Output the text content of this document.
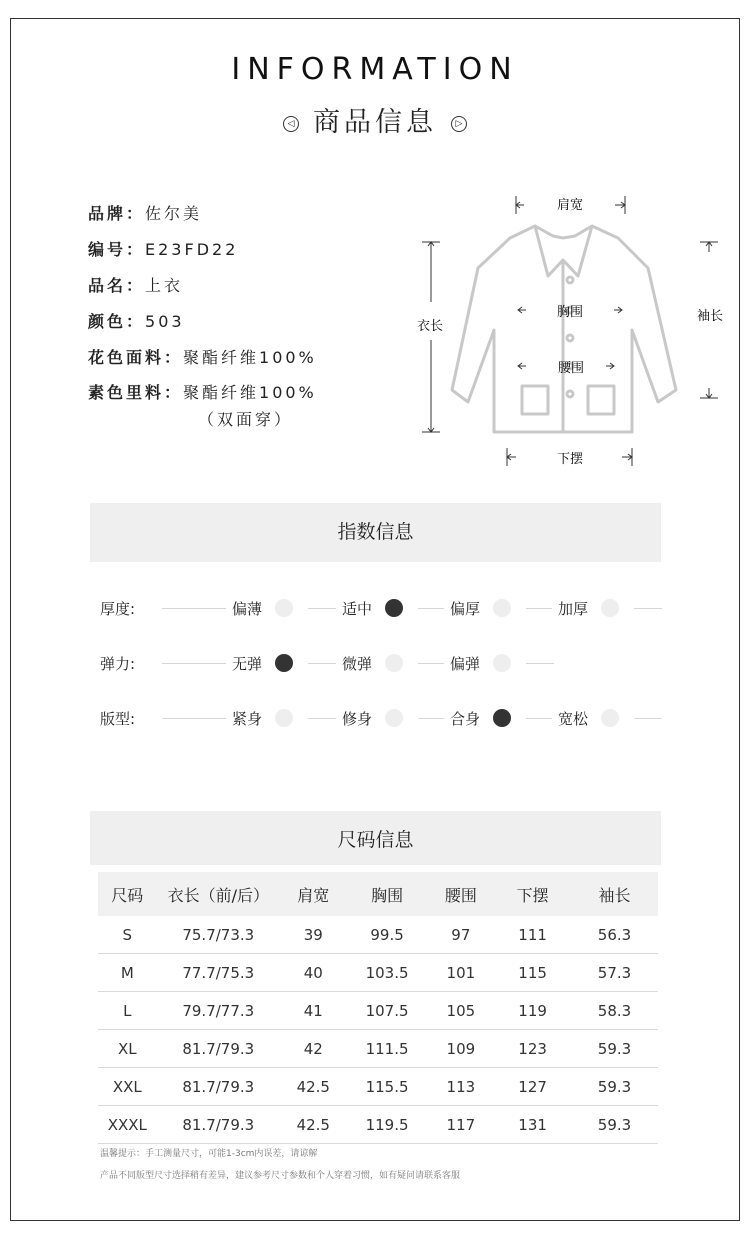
INFORMATION
◁ 商品信息 ▷
品牌：佐尔美
编号：E23FD22
品名：上衣
颜色：503
花色面料：聚酯纤维100%
素色里料：聚酯纤维100%
（双面穿）
肩宽
衣长
胸围
腰围
袖长
下摆
指数信息
厚度:	偏薄	适中	偏厚	加厚
弹力:	无弹	微弹	偏弹
版型:	紧身	修身	合身	宽松
尺码信息
尺码	衣长（前/后）	肩宽	胸围	腰围	下摆	袖长
S	75.7/73.3	39	99.5	97	111	56.3
M	77.7/75.3	40	103.5	101	115	57.3
L	79.7/77.3	41	107.5	105	119	58.3
XL	81.7/79.3	42	111.5	109	123	59.3
XXL	81.7/79.3	42.5	115.5	113	127	59.3
XXXL	81.7/79.3	42.5	119.5	117	131	59.3
温馨提示：手工测量尺寸，可能1-3cm内误差，请谅解
产品不同版型尺寸选择稍有差异，建议参考尺寸参数和个人穿着习惯，如有疑问请联系客服
